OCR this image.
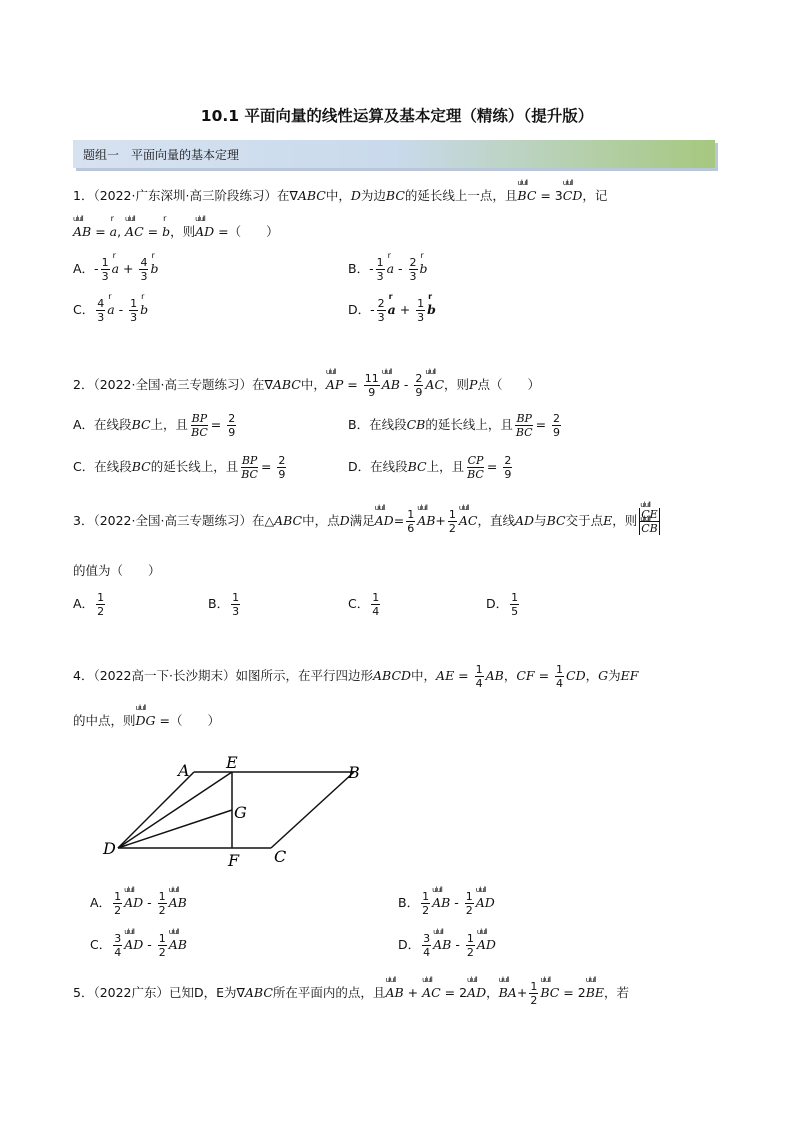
10.1 平面向量的线性运算及基本定理（精练）（提升版）
题组一　平面向量的基本定理
1．（2022·广东深圳·高三阶段练习）在∇ABC中，D为边BC的延长线上一点，且ulull BC = 3ulull CD，记
ulull AB = r a, ulull AC = r b，则ulull AD =（　　）
A．- $\frac{1}{3}$ r $a + \frac{4}{3}$ r b	B．- $\frac{1}{3}$ r a - $\frac{2}{3}$ r b
C． $\frac{4}{3}$ r a - $\frac{1}{3}$ r b	D．- $\frac{2}{3}$ r $a + \frac{1}{3}$ r b
2．（2022·全国·高三专题练习）在∇ABC中，ulull AP = $\frac{11}{9}$ ulull AB - $\frac{2}{9}$ ulull AC，则P点（　　）
A．在线段BC上，且 $\frac{BP}{BC} = \frac{2}{9}$	B．在线段CB的延长线上，且 $\frac{BP}{BC} = \frac{2}{9}$
C．在线段BC的延长线上，且 $\frac{BP}{BC} = \frac{2}{9}$	D．在线段BC上，且 $\frac{CP}{BC} = \frac{2}{9}$
3．（2022·全国·高三专题练习）在△ABC中，点D满足ulull $AD= \frac{1}{6}$ ulull $AB+ \frac{1}{2}$ ulull AC，直线AD与BC交于点E，则 ulull CE
ulull CB
的值为（　　）
A． $\frac{1}{2}$	B． $\frac{1}{3}$	C． $\frac{1}{4}$	D． $\frac{1}{5}$
4．（2022高一下·长沙期末）如图所示，在平行四边形ABCD中，AE = $\frac{1}{4}$ AB，CF = $\frac{1}{4}$ CD，G为EF
的中点，则ulull DG =（　　）
A E
B
G
D
F C
A． $\frac{1}{2}$ ulull AD - $\frac{1}{2}$ ulull AB	B． $\frac{1}{2}$ ulull AB - $\frac{1}{2}$ ulull AD
C． $\frac{3}{4}$ ulull AD - $\frac{1}{2}$ ulull AB	D． $\frac{3}{4}$ ulull AB - $\frac{1}{2}$ ulull AD
5．（2022广东）已知D，E为∇ABC所在平面内的点，且ulull AB + ulull AC = 2ulull AD，ulull $BA+ \frac{1}{2}$ ulull BC = 2ulull BE，若
